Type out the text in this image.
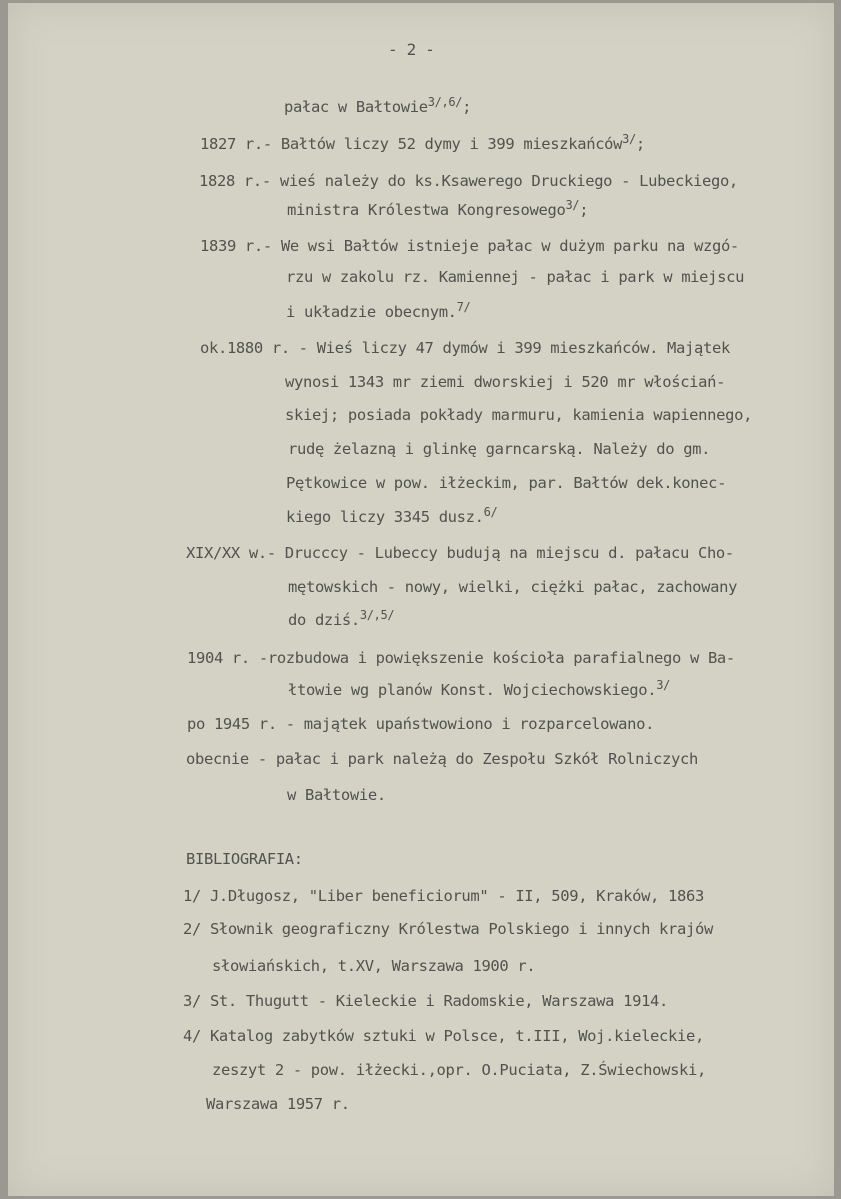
- 2 -
pałac w Bałtowie$^{3/,6/}$;
1827 r.- Bałtów liczy 52 dymy i 399 mieszkańców$^{3/}$;
1828 r.- wieś należy do ks.Ksawerego Druckiego - Lubeckiego,
ministra Królestwa Kongresowego$^{3/}$;
1839 r.- We wsi Bałtów istnieje pałac w dużym parku na wzgó-
rzu w zakolu rz. Kamiennej - pałac i park w miejscu
i układzie obecnym.$^{7/}$
ok.1880 r. - Wieś liczy 47 dymów i 399 mieszkańców. Majątek
wynosi 1343 mr ziemi dworskiej i 520 mr włościań-
skiej; posiada pokłady marmuru, kamienia wapiennego,
rudę żelazną i glinkę garncarską. Należy do gm.
Pętkowice w pow. iłżeckim, par. Bałtów dek.konec-
kiego liczy 3345 dusz.$^{6/}$
XIX/XX w.- Drucccy - Lubeccy budują na miejscu d. pałacu Cho-
mętowskich - nowy, wielki, ciężki pałac, zachowany
do dziś.$^{3/,5/}$
1904 r. -rozbudowa i powiększenie kościoła parafialnego w Ba-
łtowie wg planów Konst. Wojciechowskiego.$^{3/}$
po 1945 r. - majątek upaństwowiono i rozparcelowano.
obecnie - pałac i park należą do Zespołu Szkół Rolniczych
w Bałtowie.
BIBLIOGRAFIA:
1/ J.Długosz, "Liber beneficiorum" - II, 509, Kraków, 1863
2/ Słownik geograficzny Królestwa Polskiego i innych krajów
słowiańskich, t.XV, Warszawa 1900 r.
3/ St. Thugutt - Kieleckie i Radomskie, Warszawa 1914.
4/ Katalog zabytków sztuki w Polsce, t.III, Woj.kieleckie,
zeszyt 2 - pow. iłżecki.,opr. O.Puciata, Z.Świechowski,
Warszawa 1957 r.
